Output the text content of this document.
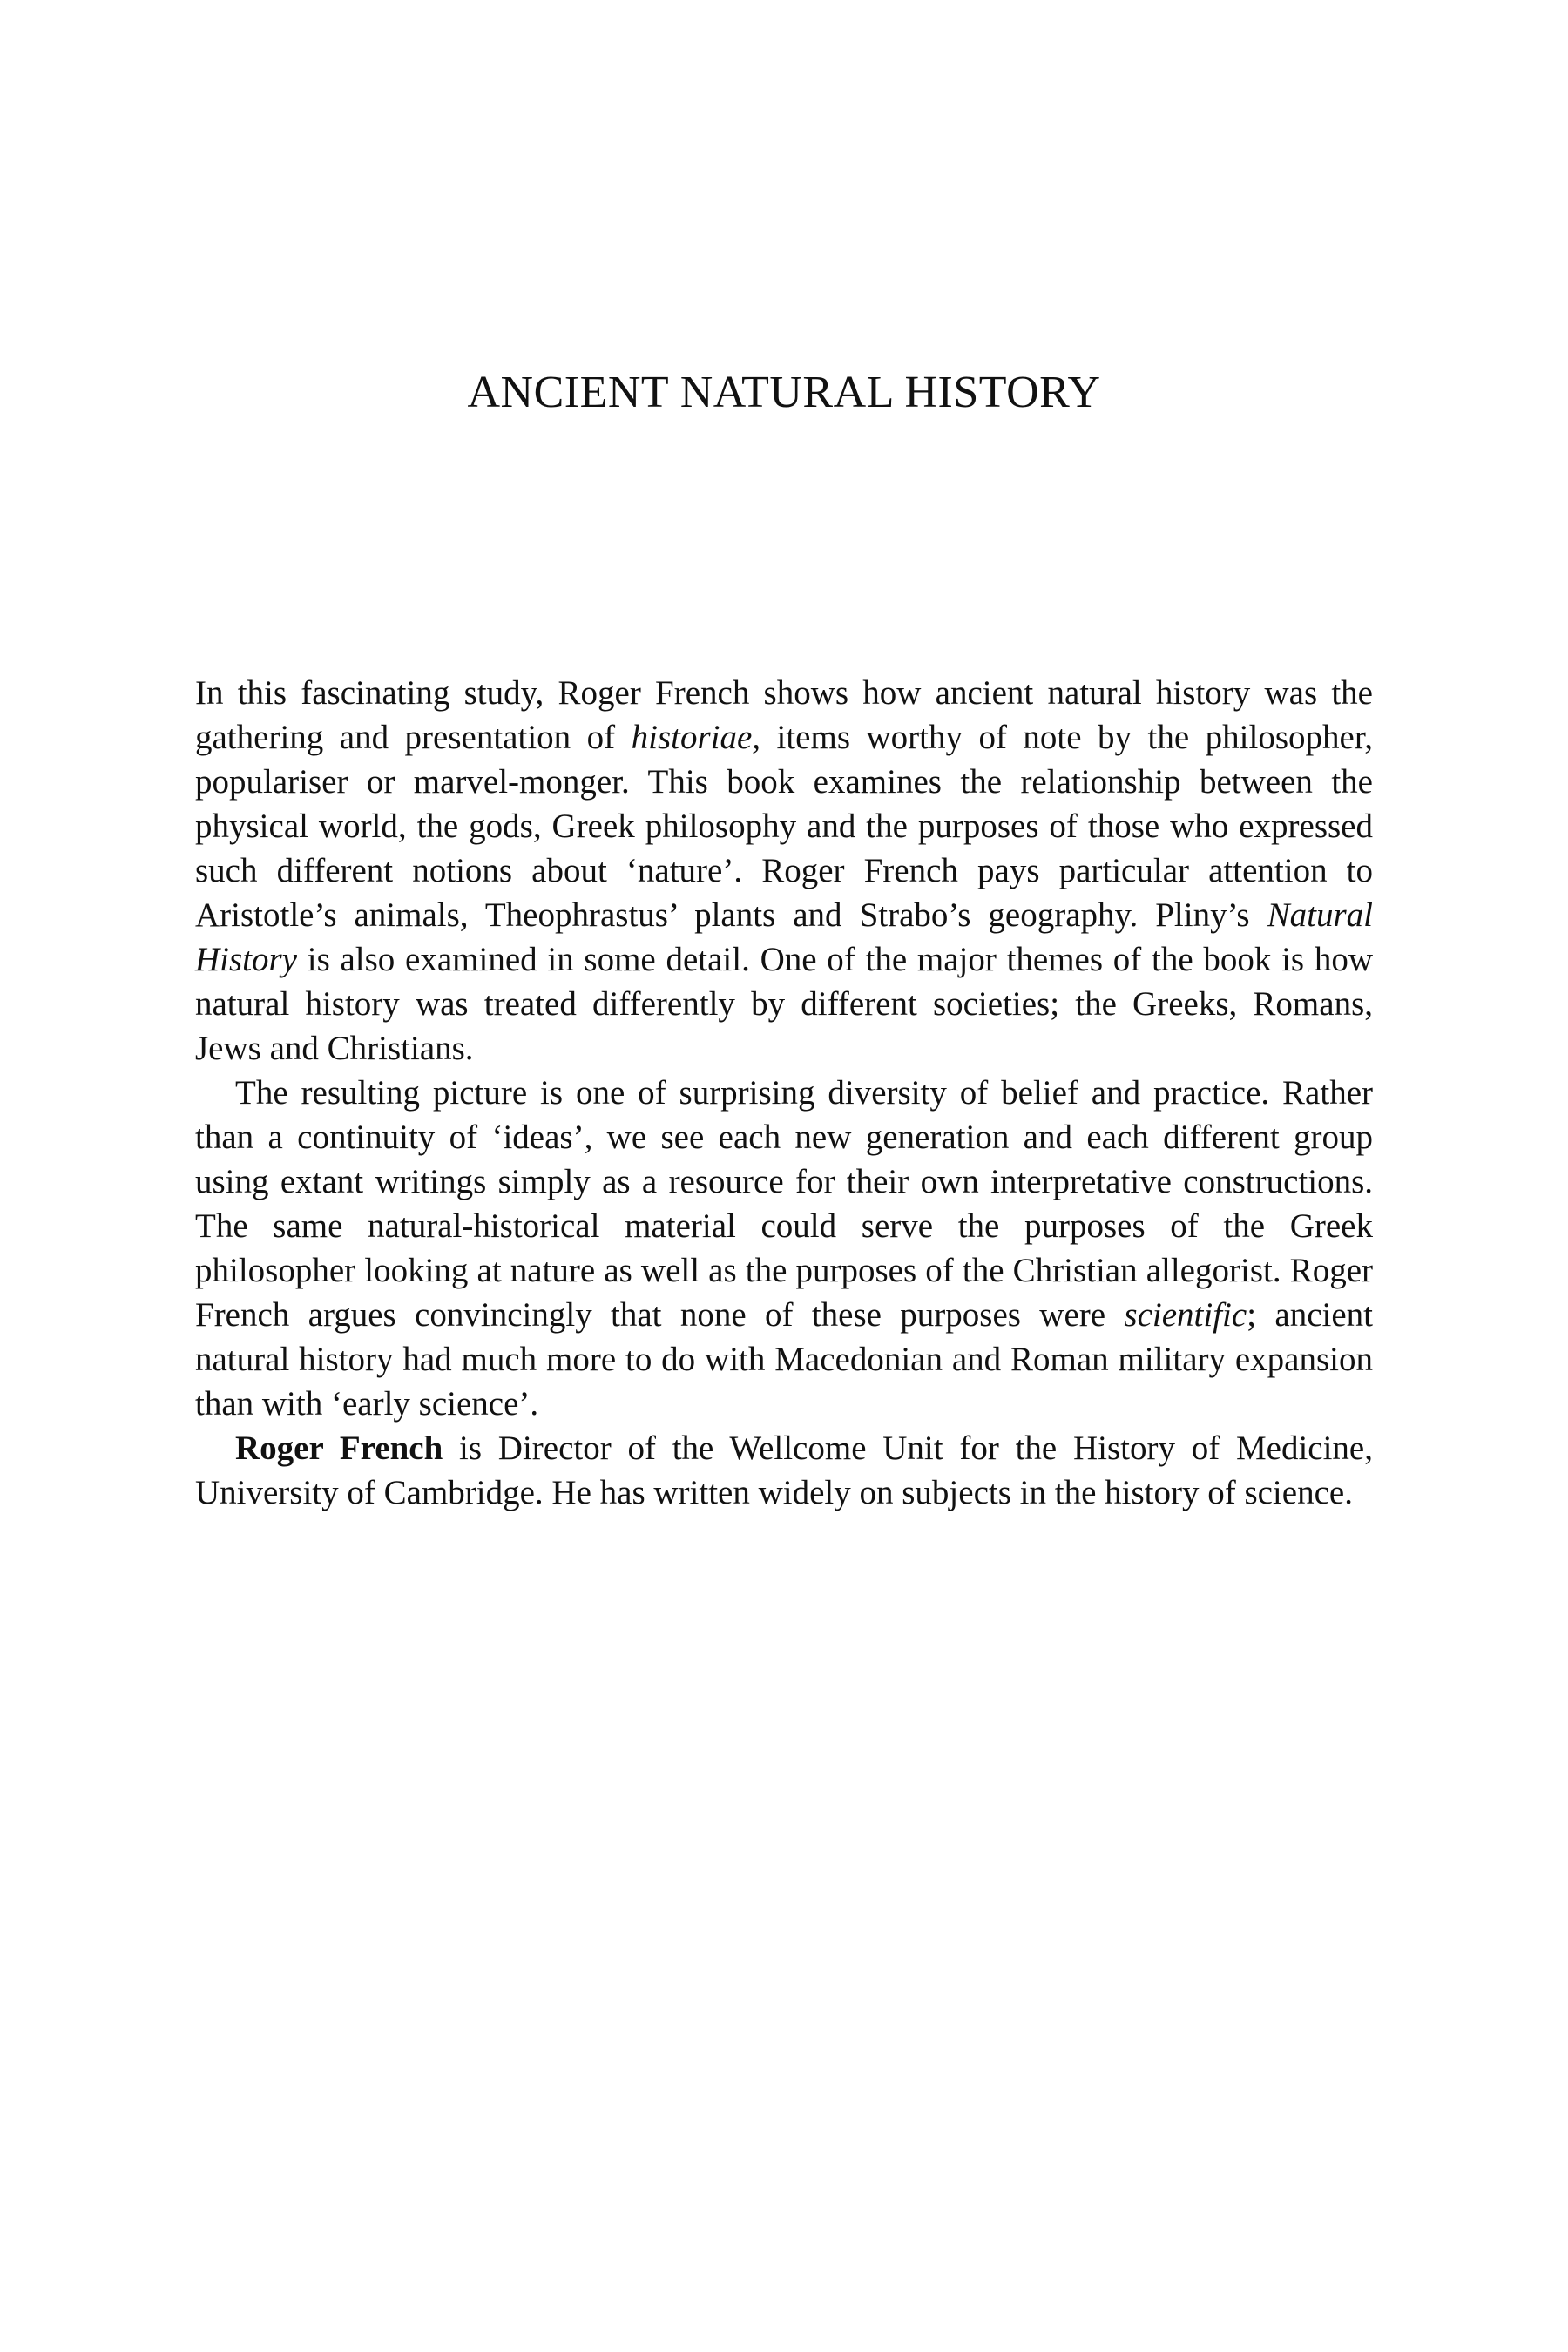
ANCIENT NATURAL HISTORY

In this fascinating study, Roger French shows how ancient natural history was the gathering and presentation of historiae, items worthy of note by the philosopher, populariser or marvel-monger. This book examines the relationship between the physical world, the gods, Greek philosophy and the purposes of those who expressed such different notions about ‘nature’. Roger French pays particular attention to Aristotle’s animals, Theophrastus’ plants and Strabo’s geography. Pliny’s Natural History is also examined in some detail. One of the major themes of the book is how natural history was treated differently by different societies; the Greeks, Romans, Jews and Christians.

The resulting picture is one of surprising diversity of belief and practice. Rather than a continuity of ‘ideas’, we see each new generation and each different group using extant writings simply as a resource for their own interpretative constructions. The same natural-historical material could serve the purposes of the Greek philosopher looking at nature as well as the purposes of the Christian allegorist. Roger French argues convincingly that none of these purposes were scientific; ancient natural history had much more to do with Macedonian and Roman military expansion than with ‘early science’.

Roger French is Director of the Wellcome Unit for the History of Medicine, University of Cambridge. He has written widely on subjects in the history of science.
